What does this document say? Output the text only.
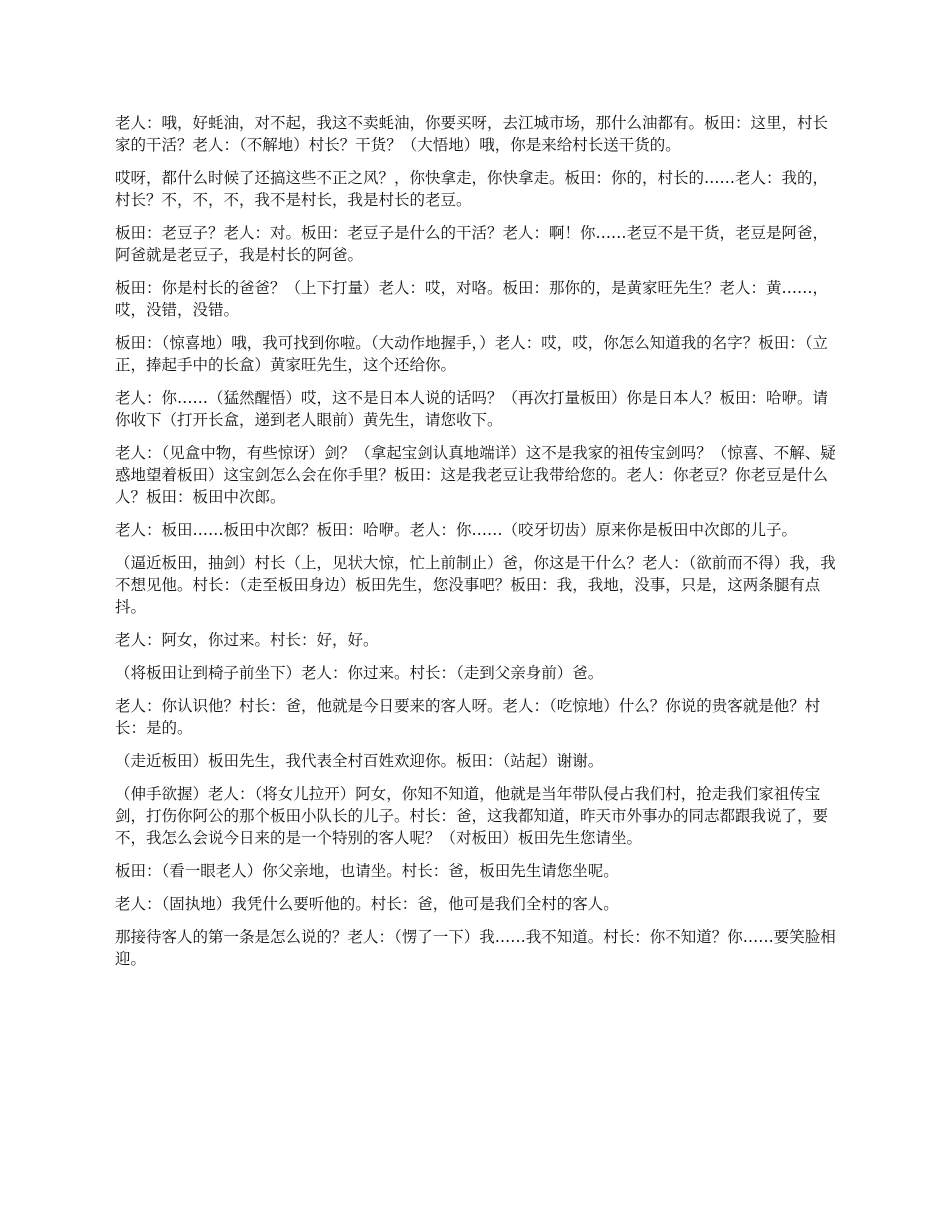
老人：哦，好蚝油，对不起，我这不卖蚝油，你要买呀，去江城市场，那什么油都有。板田：这里，村长家的干活？老人：（不解地）村长？干货？（大悟地）哦，你是来给村长送干货的。

哎呀，都什么时候了还搞这些不正之风？，你快拿走，你快拿走。板田：你的，村长的……老人：我的，村长？不，不，不，我不是村长，我是村长的老豆。

板田：老豆子？老人：对。板田：老豆子是什么的干活？老人：啊！你……老豆不是干货，老豆是阿爸，阿爸就是老豆子，我是村长的阿爸。

板田：你是村长的爸爸？（上下打量）老人：哎，对咯。板田：那你的，是黄家旺先生？老人：黄……，哎，没错，没错。

板田：（惊喜地）哦，我可找到你啦。（大动作地握手，）老人：哎，哎，你怎么知道我的名字？板田：（立正，捧起手中的长盒）黄家旺先生，这个还给你。

老人：你……（猛然醒悟）哎，这不是日本人说的话吗？（再次打量板田）你是日本人？板田：哈咿。请你收下（打开长盒，递到老人眼前）黄先生，请您收下。

老人：（见盒中物，有些惊讶）剑？（拿起宝剑认真地端详）这不是我家的祖传宝剑吗？（惊喜、不解、疑惑地望着板田）这宝剑怎么会在你手里？板田：这是我老豆让我带给您的。老人：你老豆？你老豆是什么人？板田：板田中次郎。

老人：板田……板田中次郎？板田：哈咿。老人：你……（咬牙切齿）原来你是板田中次郎的儿子。

（逼近板田，抽剑）村长（上，见状大惊，忙上前制止）爸，你这是干什么？老人：（欲前而不得）我，我不想见他。村长：（走至板田身边）板田先生，您没事吧？板田：我，我地，没事，只是，这两条腿有点抖。

老人：阿女，你过来。村长：好，好。

（将板田让到椅子前坐下）老人：你过来。村长：（走到父亲身前）爸。

老人：你认识他？村长：爸，他就是今日要来的客人呀。老人：（吃惊地）什么？你说的贵客就是他？村长：是的。

（走近板田）板田先生，我代表全村百姓欢迎你。板田：（站起）谢谢。

（伸手欲握）老人：（将女儿拉开）阿女，你知不知道，他就是当年带队侵占我们村，抢走我们家祖传宝剑，打伤你阿公的那个板田小队长的儿子。村长：爸，这我都知道，昨天市外事办的同志都跟我说了，要不，我怎么会说今日来的是一个特别的客人呢？（对板田）板田先生您请坐。

板田：（看一眼老人）你父亲地，也请坐。村长：爸，板田先生请您坐呢。

老人：（固执地）我凭什么要听他的。村长：爸，他可是我们全村的客人。

那接待客人的第一条是怎么说的？老人：（愣了一下）我……我不知道。村长：你不知道？你……要笑脸相迎。
